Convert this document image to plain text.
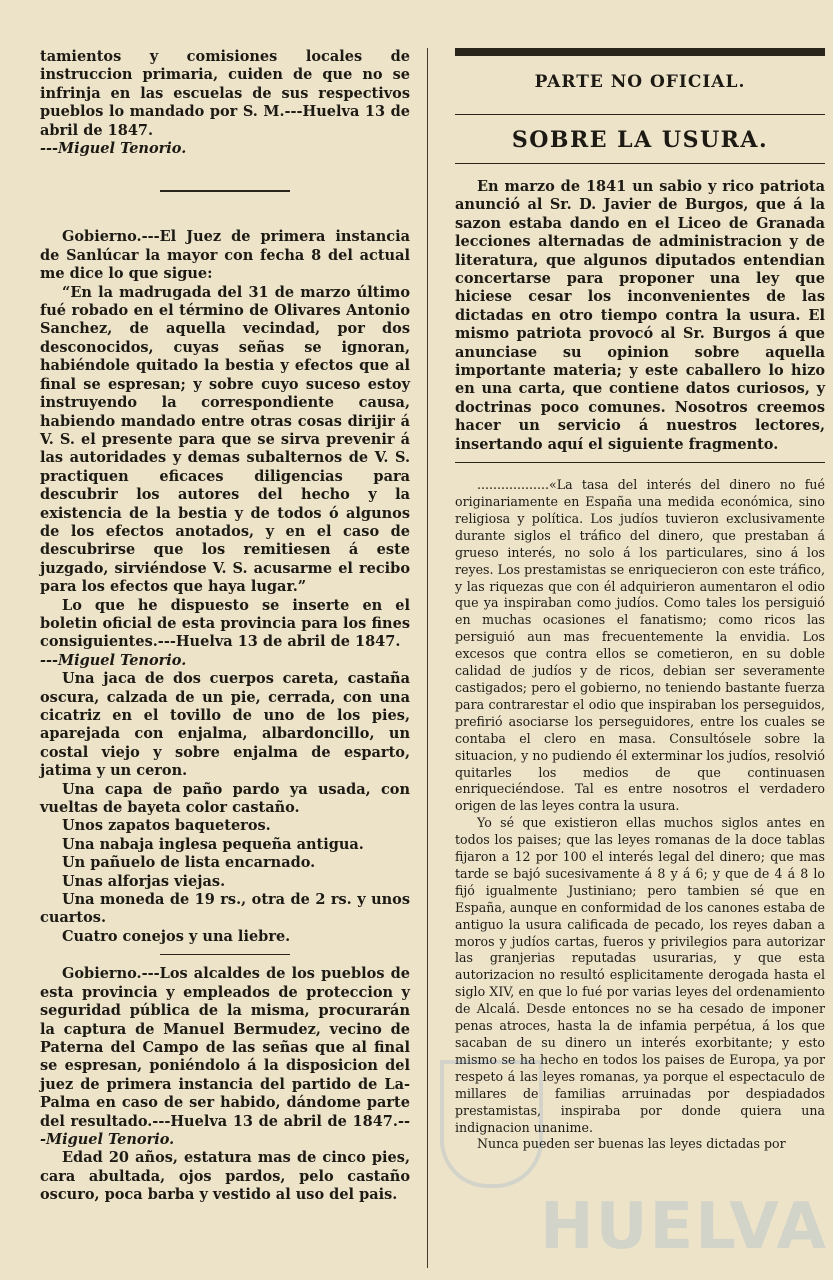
tamientos y comisiones locales de instruccion primaria, cuiden de que no se infrinja en las escuelas de sus respectivos pueblos lo mandado por S. M.---Huelva 13 de abril de 1847.
---Miguel Tenorio.

Gobierno.---El Juez de primera instancia de Sanlúcar la mayor con fecha 8 del actual me dice lo que sigue:

“En la madrugada del 31 de marzo último fué robado en el término de Olivares Antonio Sanchez, de aquella vecindad, por dos desconocidos, cuyas señas se ignoran, habiéndole quitado la bestia y efectos que al final se espresan; y sobre cuyo suceso estoy instruyendo la correspondiente causa, habiendo mandado entre otras cosas dirijir á V. S. el presente para que se sirva prevenir á las autoridades y demas subalternos de V. S. practiquen eficaces diligencias para descubrir los autores del hecho y la existencia de la bestia y de todos ó algunos de los efectos anotados, y en el caso de descubrirse que los remitiesen á este juzgado, sirviéndose V. S. acusarme el recibo para los efectos que haya lugar.”

Lo que he dispuesto se inserte en el boletin oficial de esta provincia para los fines consiguientes.---Huelva 13 de abril de 1847.
---Miguel Tenorio.

Una jaca de dos cuerpos careta, castaña oscura, calzada de un pie, cerrada, con una cicatriz en el tovillo de uno de los pies, aparejada con enjalma, albardoncillo, un costal viejo y sobre enjalma de esparto, jatima y un ceron.

Una capa de paño pardo ya usada, con vueltas de bayeta color castaño.

Unos zapatos baqueteros.

Una nabaja inglesa pequeña antigua.

Un pañuelo de lista encarnado.

Unas alforjas viejas.

Una moneda de 19 rs., otra de 2 rs. y unos cuartos.

Cuatro conejos y una liebre.

Gobierno.---Los alcaldes de los pueblos de esta provincia y empleados de proteccion y seguridad pública de la misma, procurarán la captura de Manuel Bermudez, vecino de Paterna del Campo de las señas que al final se espresan, poniéndolo á la disposicion del juez de primera instancia del partido de La-Palma en caso de ser habido, dándome parte del resultado.---Huelva 13 de abril de 1847.---Miguel Tenorio.

Edad 20 años, estatura mas de cinco pies, cara abultada, ojos pardos, pelo castaño oscuro, poca barba y vestido al uso del pais.

PARTE NO OFICIAL.
SOBRE LA USURA.

En marzo de 1841 un sabio y rico patriota anunció al Sr. D. Javier de Burgos, que á la sazon estaba dando en el Liceo de Granada lecciones alternadas de administracion y de literatura, que algunos diputados entendian concertarse para proponer una ley que hiciese cesar los inconvenientes de las dictadas en otro tiempo contra la usura. El mismo patriota provocó al Sr. Burgos á que anunciase su opinion sobre aquella importante materia; y este caballero lo hizo en una carta, que contiene datos curiosos, y doctrinas poco comunes. Nosotros creemos hacer un servicio á nuestros lectores, insertando aquí el siguiente fragmento.

..................«La tasa del interés del dinero no fué originariamente en España una medida económica, sino religiosa y política. Los judíos tuvieron exclusivamente durante siglos el tráfico del dinero, que prestaban á grueso interés, no solo á los particulares, sino á los reyes. Los prestamistas se enriquecieron con este tráfico, y las riquezas que con él adquirieron aumentaron el odio que ya inspiraban como judíos. Como tales los persiguió en muchas ocasiones el fanatismo; como ricos las persiguió aun mas frecuentemente la envidia. Los excesos que contra ellos se cometieron, en su doble calidad de judíos y de ricos, debian ser severamente castigados; pero el gobierno, no teniendo bastante fuerza para contrarestar el odio que inspiraban los perseguidos, prefirió asociarse los perseguidores, entre los cuales se contaba el clero en masa. Consultósele sobre la situacion, y no pudiendo él exterminar los judíos, resolvió quitarles los medios de que continuasen enriqueciéndose. Tal es entre nosotros el verdadero origen de las leyes contra la usura.

Yo sé que existieron ellas muchos siglos antes en todos los paises; que las leyes romanas de la doce tablas fijaron a 12 por 100 el interés legal del dinero; que mas tarde se bajó sucesivamente á 8 y á 6; y que de 4 á 8 lo fijó igualmente Justiniano; pero tambien sé que en España, aunque en conformidad de los canones estaba de antiguo la usura calificada de pecado, los reyes daban a moros y judíos cartas, fueros y privilegios para autorizar las granjerias reputadas usurarias, y que esta autorizacion no resultó esplicitamente derogada hasta el siglo XIV, en que lo fué por varias leyes del ordenamiento de Alcalá. Desde entonces no se ha cesado de imponer penas atroces, hasta la de infamia perpétua, á los que sacaban de su dinero un interés exorbitante; y esto mismo se ha hecho en todos los paises de Europa, ya por respeto á las leyes romanas, ya porque el espectaculo de millares de familias arruinadas por despiadados prestamistas, inspiraba por donde quiera una indignacion unanime.

Nunca pueden ser buenas las leyes dictadas por

HUELVA
